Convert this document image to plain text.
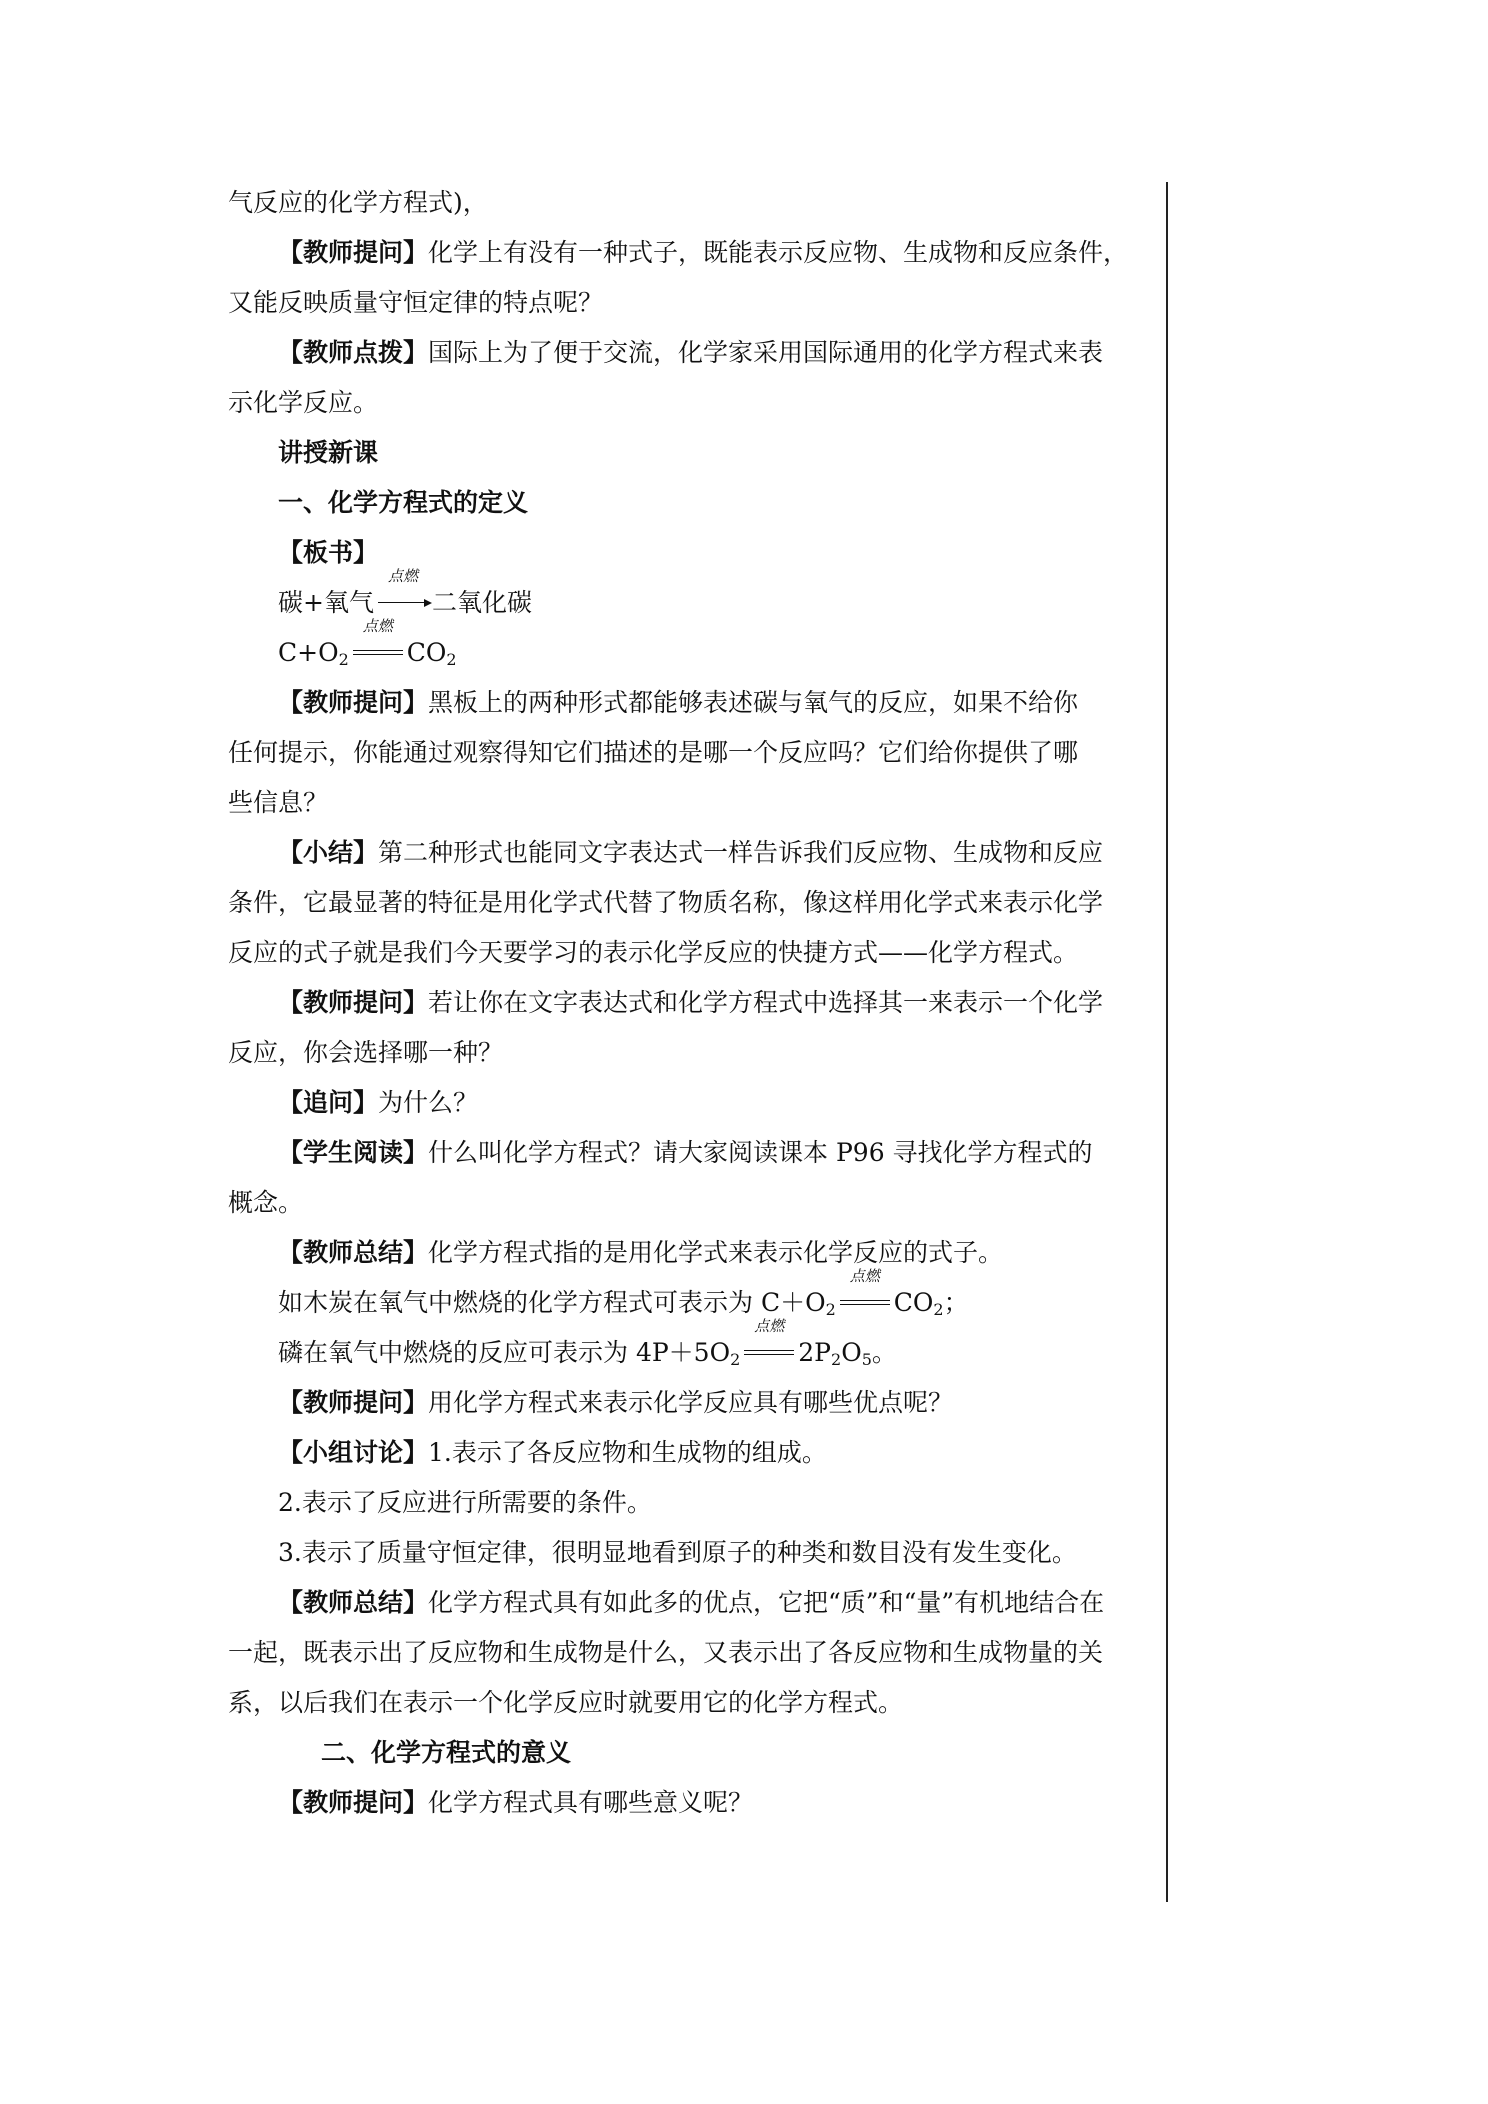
气反应的化学方程式)，

【教师提问】化学上有没有一种式子，既能表示反应物、生成物和反应条件，

又能反映质量守恒定律的特点呢？

【教师点拨】国际上为了便于交流，化学家采用国际通用的化学方程式来表

示化学反应。

讲授新课

一、化学方程式的定义

【板书】

碳+氧气
点燃
二氧化碳

$C+O_2$
点燃
$CO_2$

【教师提问】黑板上的两种形式都能够表述碳与氧气的反应，如果不给你

任何提示，你能通过观察得知它们描述的是哪一个反应吗？它们给你提供了哪

些信息？

【小结】第二种形式也能同文字表达式一样告诉我们反应物、生成物和反应

条件，它最显著的特征是用化学式代替了物质名称，像这样用化学式来表示化学

反应的式子就是我们今天要学习的表示化学反应的快捷方式——化学方程式。

【教师提问】若让你在文字表达式和化学方程式中选择其一来表示一个化学

反应，你会选择哪一种？

【追问】为什么？

【学生阅读】什么叫化学方程式？请大家阅读课本 P96 寻找化学方程式的

概念。

【教师总结】化学方程式指的是用化学式来表示化学反应的式子。

如木炭在氧气中燃烧的化学方程式可表示为 $C+O_2$
点燃
$CO_2$；

磷在氧气中燃烧的反应可表示为 $4P+5O_2$
点燃
$2P_2O_5$。

【教师提问】用化学方程式来表示化学反应具有哪些优点呢？

【小组讨论】1.表示了各反应物和生成物的组成。

2.表示了反应进行所需要的条件。

3.表示了质量守恒定律，很明显地看到原子的种类和数目没有发生变化。

【教师总结】化学方程式具有如此多的优点，它把“质”和“量”有机地结合在

一起，既表示出了反应物和生成物是什么，又表示出了各反应物和生成物量的关

系，以后我们在表示一个化学反应时就要用它的化学方程式。

二、化学方程式的意义

【教师提问】化学方程式具有哪些意义呢？
